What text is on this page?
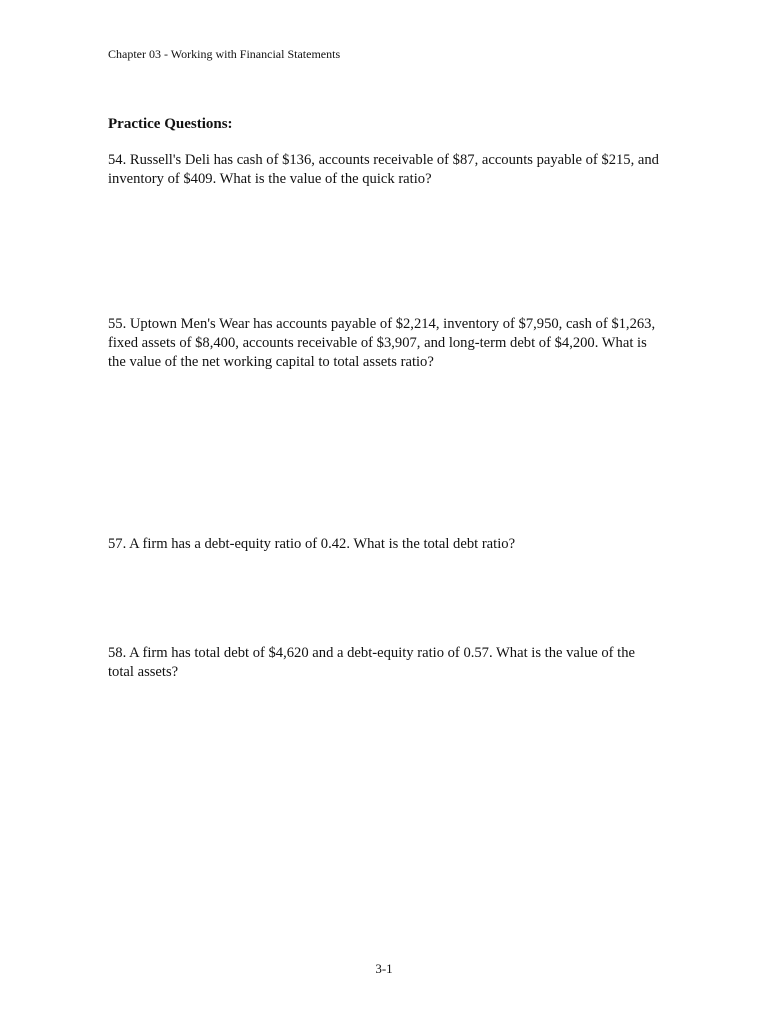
Chapter 03 - Working with Financial Statements
Practice Questions:
54. Russell's Deli has cash of $136, accounts receivable of $87, accounts payable of $215, and
inventory of $409. What is the value of the quick ratio?
55. Uptown Men's Wear has accounts payable of $2,214, inventory of $7,950, cash of $1,263,
fixed assets of $8,400, accounts receivable of $3,907, and long-term debt of $4,200. What is
the value of the net working capital to total assets ratio?
57. A firm has a debt-equity ratio of 0.42. What is the total debt ratio?
58. A firm has total debt of $4,620 and a debt-equity ratio of 0.57. What is the value of the
total assets?
3-1
